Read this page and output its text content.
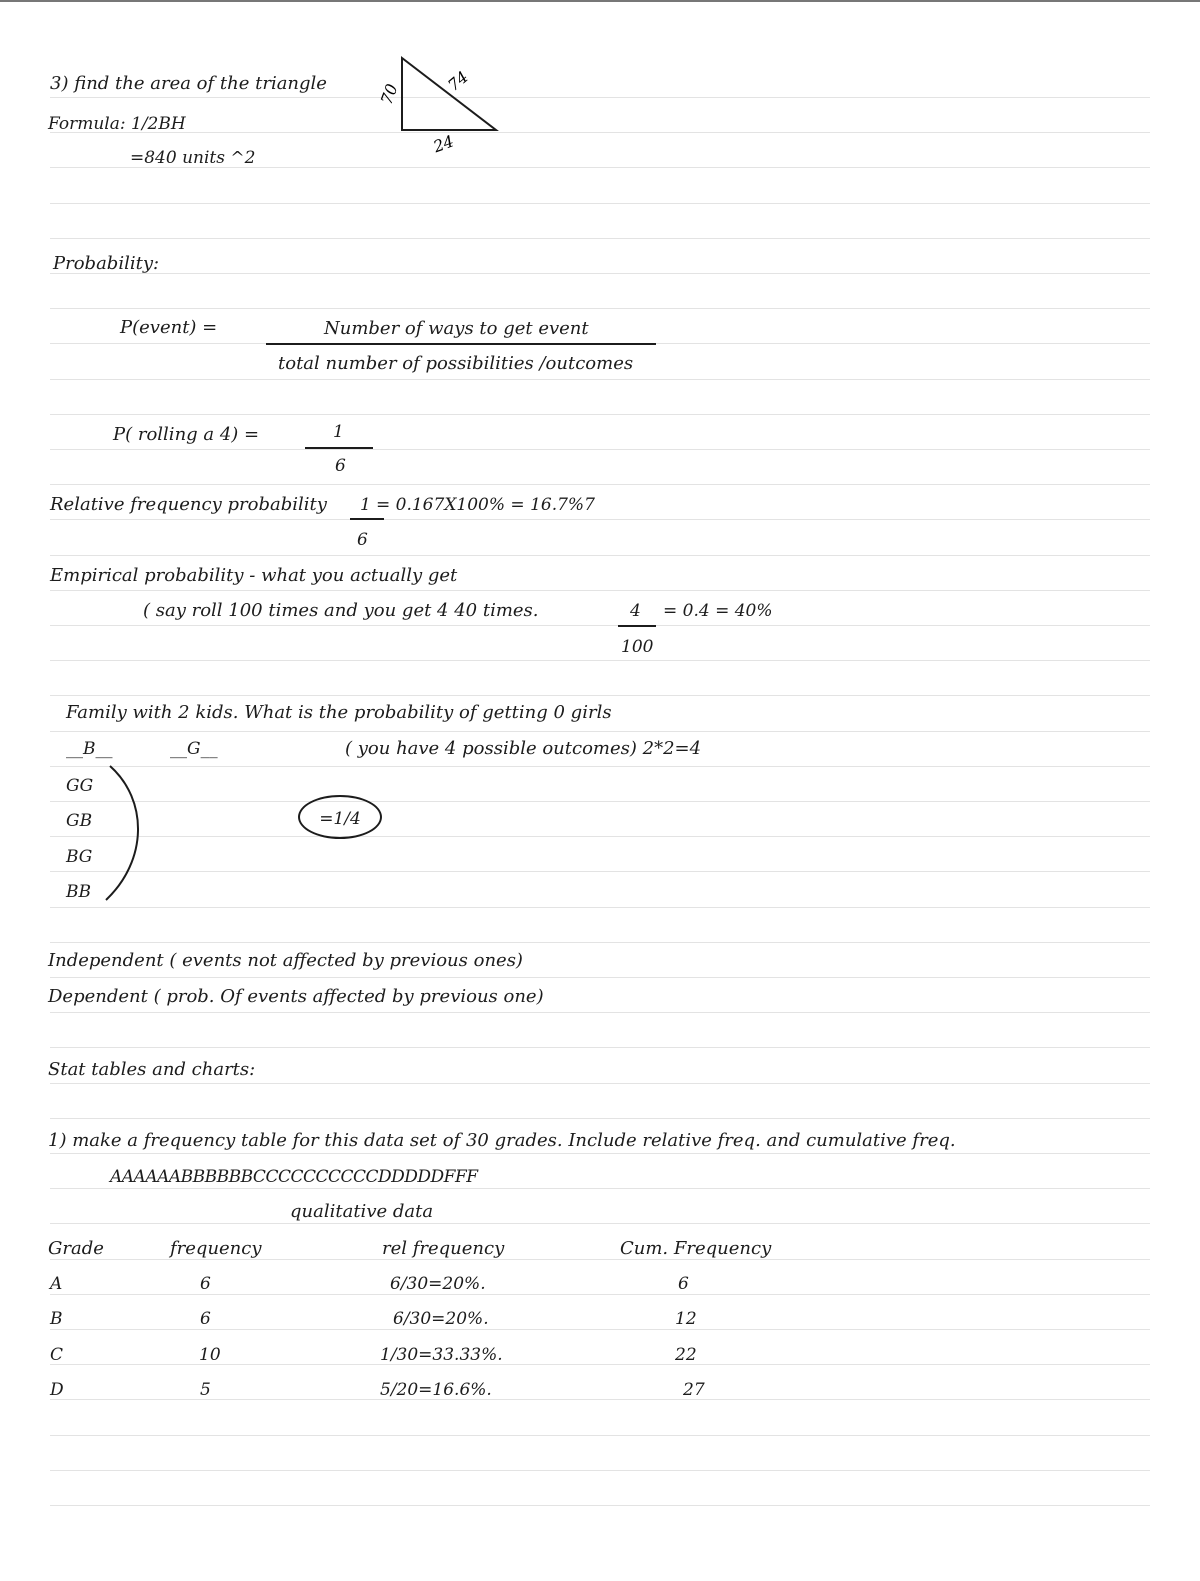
3) find the area of the triangle
Formula: 1/2BH
=840 units ^2
70	74
24
Probability:
P(event) =	Number of ways to get event
total number of possibilities /outcomes
P( rolling a 4) =	1
6
Relative frequency probability 1 = 0.167X100% = 16.7%7
6
Empirical probability - what you actually get
( say roll 100 times and you get 4 40 times.	4 = 0.4 = 40%
100
Family with 2 kids. What is the probability of getting 0 girls
__B__	__G__	( you have 4 possible outcomes) 2*2=4
GG
GB
BG
BB
=1/4
Independent ( events not affected by previous ones)
Dependent ( prob. Of events affected by previous one)
Stat tables and charts:
1) make a frequency table for this data set of 30 grades. Include relative freq. and cumulative freq.
AAAAAABBBBBBCCCCCCCCCCDDDDDFFF
qualitative data
Grade	frequency	rel frequency	Cum. Frequency
A	6	6/30=20%.	6
B	6	6/30=20%.	12
C	10	1/30=33.33%.	22
D	5	5/20=16.6%.	27
